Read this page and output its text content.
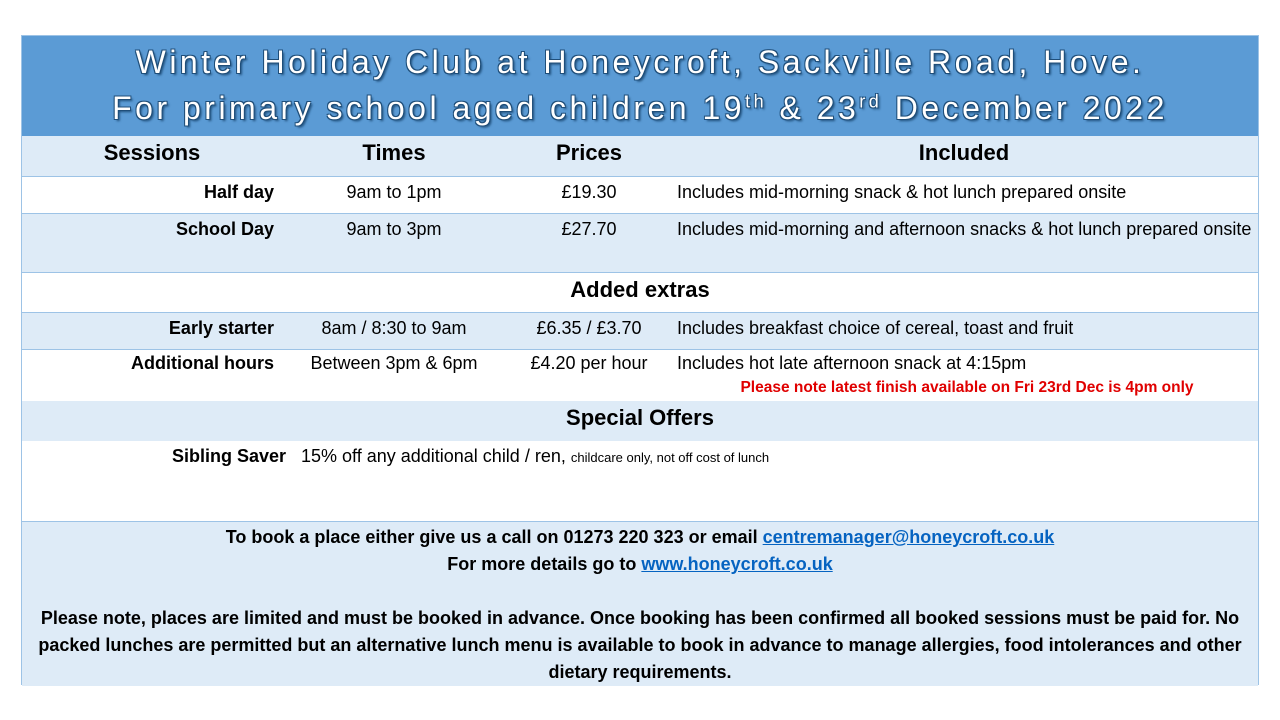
Winter Holiday Club at Honeycroft, Sackville Road, Hove.
For primary school aged children 19th & 23rd December 2022
Sessions	Times	Prices	Included
Half day	9am to 1pm	£19.30	Includes mid-morning snack & hot lunch prepared onsite
School Day	9am to 3pm	£27.70	Includes mid-morning and afternoon snacks & hot lunch prepared onsite
Added extras
Early starter	8am / 8:30 to 9am	£6.35 / £3.70	Includes breakfast choice of cereal, toast and fruit
Additional hours	Between 3pm & 6pm	£4.20 per hour	Includes hot late afternoon snack at 4:15pm
Please note latest finish available on Fri 23rd Dec is 4pm only
Special Offers
Sibling Saver 15% off any additional child / ren, childcare only, not off cost of lunch
To book a place either give us a call on 01273 220 323 or email centremanager@honeycroft.co.uk
For more details go to www.honeycroft.co.uk
Please note, places are limited and must be booked in advance. Once booking has been confirmed all booked sessions must be paid for. No packed lunches are permitted but an alternative lunch menu is available to book in advance to manage allergies, food intolerances and other dietary requirements.
